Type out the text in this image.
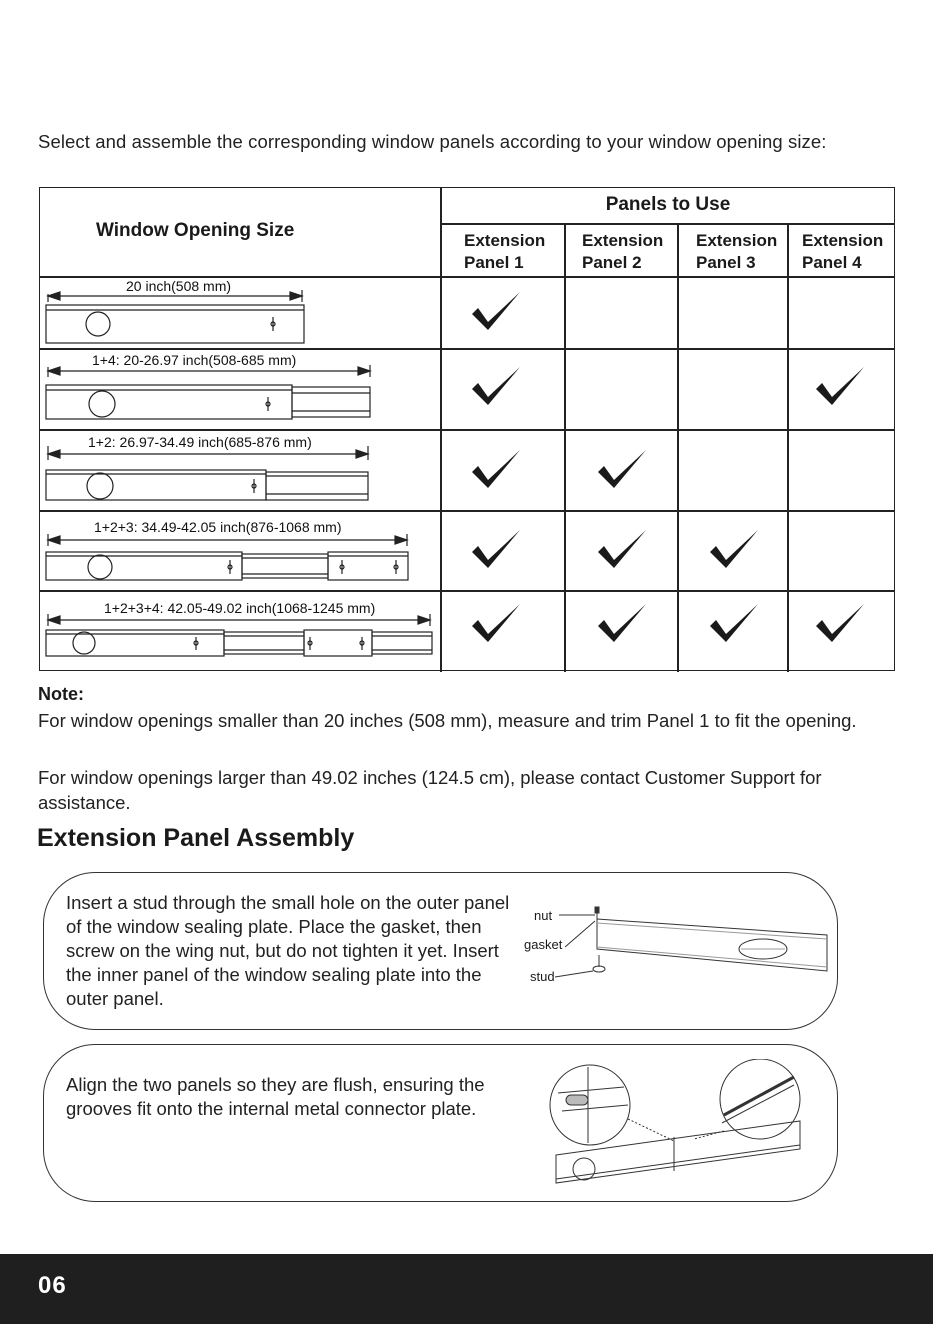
Select and assemble the corresponding window panels according to your window opening size:
Window Opening Size
Panels to Use
Extension
Panel 1
Extension
Panel 2
Extension
Panel 3
Extension
Panel 4
20 inch(508 mm)
1+4: 20-26.97 inch(508-685 mm)
1+2: 26.97-34.49 inch(685-876 mm)
1+2+3: 34.49-42.05 inch(876-1068 mm)
1+2+3+4: 42.05-49.02 inch(1068-1245 mm)
Note:
For window openings smaller than 20 inches (508 mm), measure and trim Panel 1 to fit the opening.
For window openings larger than 49.02 inches (124.5 cm), please contact Customer Support for assistance.
Extension Panel Assembly
Insert a stud through the small hole on the outer panel of the window sealing plate. Place the gasket, then screw on the wing nut, but do not tighten it yet. Insert the inner panel of the window sealing plate into the outer panel.
nut
gasket
stud
Align the two panels so they are flush, ensuring the grooves fit onto the internal metal connector plate.
06
